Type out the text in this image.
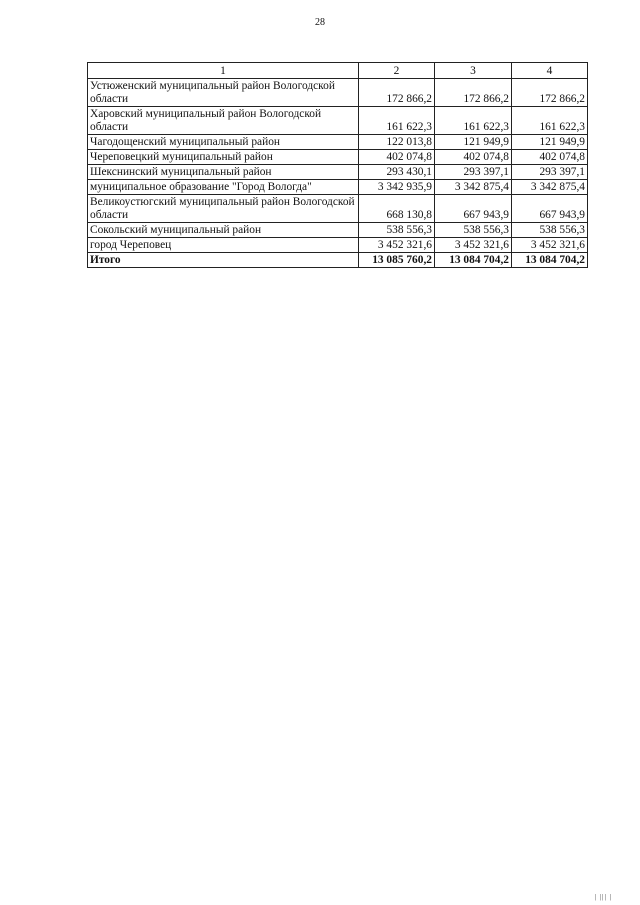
28
1	2	3	4
Устюженский муниципальный район Вологодской области	172 866,2	172 866,2	172 866,2
Харовский муниципальный район Вологодской области	161 622,3	161 622,3	161 622,3
Чагодощенский муниципальный район	122 013,8	121 949,9	121 949,9
Череповецкий муниципальный район	402 074,8	402 074,8	402 074,8
Шекснинский муниципальный район	293 430,1	293 397,1	293 397,1
муниципальное образование "Город Вологда"	3 342 935,9	3 342 875,4	3 342 875,4
Великоустюгский муниципальный район Вологодской области	668 130,8	667 943,9	667 943,9
Сокольский муниципальный район	538 556,3	538 556,3	538 556,3
город Череповец	3 452 321,6	3 452 321,6	3 452 321,6
Итого	13 085 760,2	13 084 704,2	13 084 704,2
| ||| |
